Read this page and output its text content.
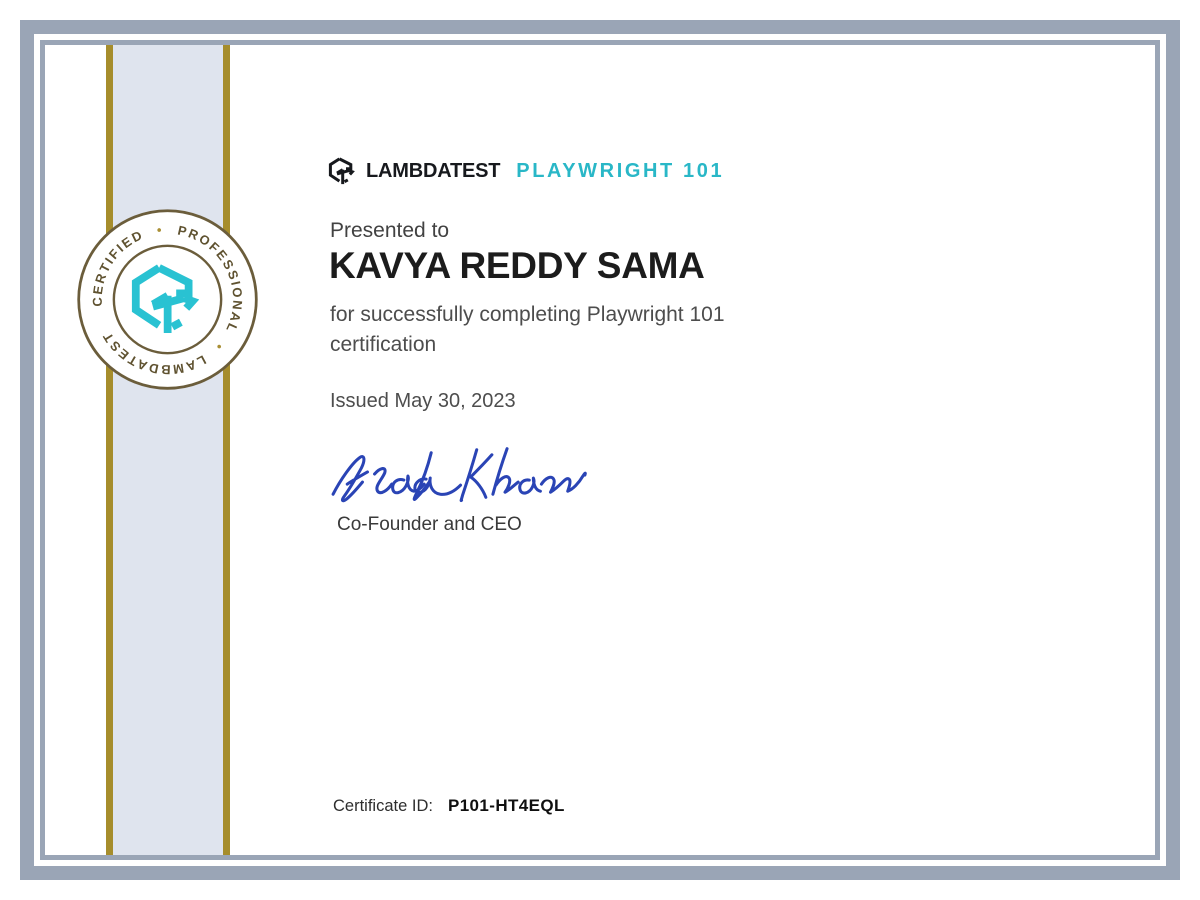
CERTIFIED • PROFESSIONAL • LAMBDATEST
LAMBDATEST PLAYWRIGHT 101
Presented to
KAVYA REDDY SAMA

for successfully completing Playwright 101 certification

Issued May 30, 2023
Co-Founder and CEO
Certificate ID: P101-HT4EQL
